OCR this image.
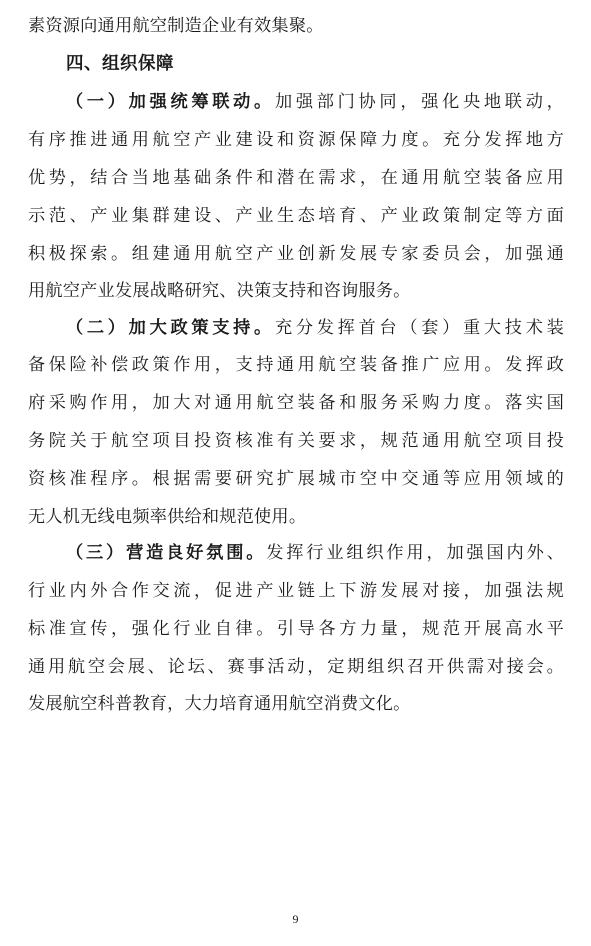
素资源向通用航空制造企业有效集聚。
四、组织保障
（一）加强统筹联动。加强部门协同，强化央地联动，
有序推进通用航空产业建设和资源保障力度。充分发挥地方
优势，结合当地基础条件和潜在需求，在通用航空装备应用
示范、产业集群建设、产业生态培育、产业政策制定等方面
积极探索。组建通用航空产业创新发展专家委员会，加强通
用航空产业发展战略研究、决策支持和咨询服务。
（二）加大政策支持。充分发挥首台（套）重大技术装
备保险补偿政策作用，支持通用航空装备推广应用。发挥政
府采购作用，加大对通用航空装备和服务采购力度。落实国
务院关于航空项目投资核准有关要求，规范通用航空项目投
资核准程序。根据需要研究扩展城市空中交通等应用领域的
无人机无线电频率供给和规范使用。
（三）营造良好氛围。发挥行业组织作用，加强国内外、
行业内外合作交流，促进产业链上下游发展对接，加强法规
标准宣传，强化行业自律。引导各方力量，规范开展高水平
通用航空会展、论坛、赛事活动，定期组织召开供需对接会。
发展航空科普教育，大力培育通用航空消费文化。
9
